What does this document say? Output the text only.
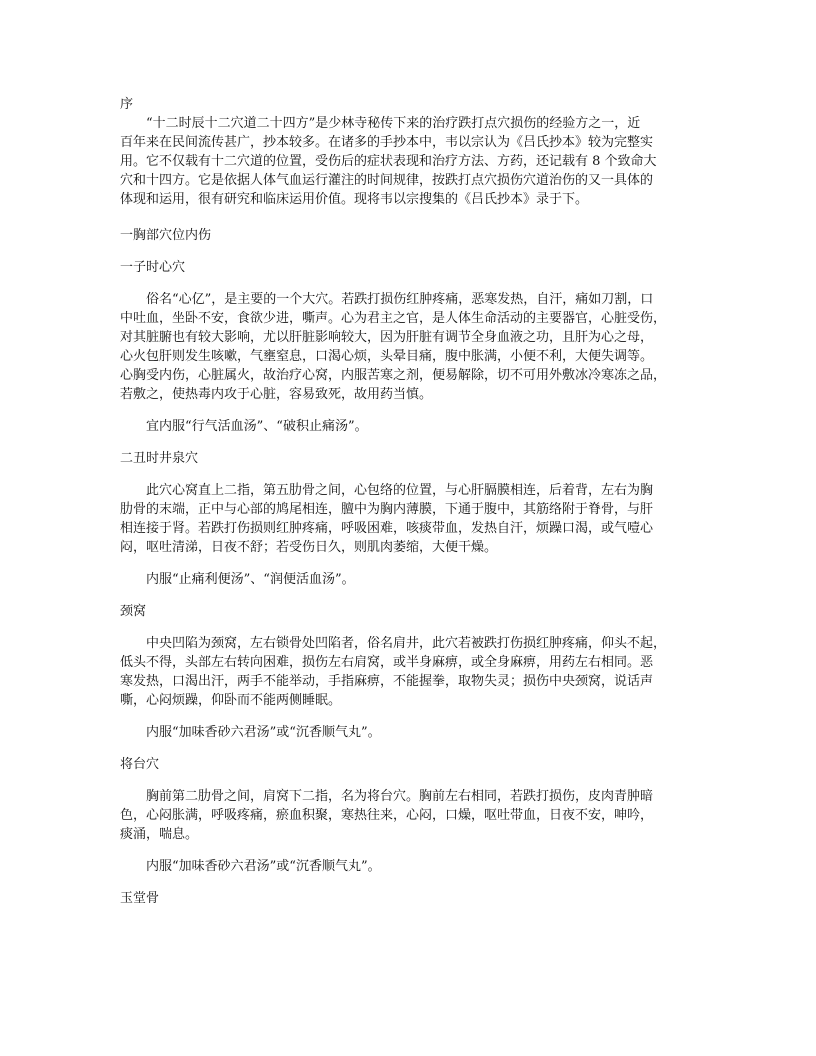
序
“十二时辰十二穴道二十四方”是少林寺秘传下来的治疗跌打点穴损伤的经验方之一，近
百年来在民间流传甚广，抄本较多。在诸多的手抄本中，韦以宗认为《吕氏抄本》较为完整实
用。它不仅载有十二穴道的位置，受伤后的症状表现和治疗方法、方药，还记载有 8 个致命大
穴和十四方。它是依据人体气血运行灌注的时间规律，按跌打点穴损伤穴道治伤的又一具体的
体现和运用，很有研究和临床运用价值。现将韦以宗搜集的《吕氏抄本》录于下。
一胸部穴位内伤
一子时心穴
俗名“心亿”，是主要的一个大穴。若跌打损伤红肿疼痛，恶寒发热，自汗，痛如刀割，口
中吐血，坐卧不安，食欲少进，嘶声。心为君主之官，是人体生命活动的主要器官，心脏受伤，
对其脏腑也有较大影响，尤以肝脏影响较大，因为肝脏有调节全身血液之功，且肝为心之母，
心火包肝则发生咳嗽，气壅窒息，口渴心烦，头晕目痛，腹中胀满，小便不利，大便失调等。
心胸受内伤，心脏属火，故治疗心窝，内服苦寒之剂，便易解除，切不可用外敷冰冷寒冻之品，
若敷之，使热毒内攻于心脏，容易致死，故用药当慎。
宜内服“行气活血汤”、“破积止痛汤”。
二丑时井泉穴
此穴心窝直上二指，第五肋骨之间，心包络的位置，与心肝膈膜相连，后着背，左右为胸
肋骨的末端，正中与心部的鸠尾相连，膻中为胸内薄膜，下通于腹中，其筋络附于脊骨，与肝
相连接于肾。若跌打伤损则红肿疼痛，呼吸困难，咳痰带血，发热自汗，烦躁口渴，或气噎心
闷，呕吐清涕，日夜不舒；若受伤日久，则肌肉萎缩，大便干燥。
内服“止痛利便汤”、“润便活血汤”。
颈窝
中央凹陷为颈窝，左右锁骨处凹陷者，俗名肩井，此穴若被跌打伤损红肿疼痛，仰头不起，
低头不得，头部左右转向困难，损伤左右肩窝，或半身麻痹，或全身麻痹，用药左右相同。恶
寒发热，口渴出汗，两手不能举动，手指麻痹，不能握拳，取物失灵；损伤中央颈窝，说话声
嘶，心闷烦躁，仰卧而不能两侧睡眠。
内服“加味香砂六君汤”或“沉香顺气丸”。
将台穴
胸前第二肋骨之间，肩窝下二指，名为将台穴。胸前左右相同，若跌打损伤，皮肉青肿暗
色，心闷胀满，呼吸疼痛，瘀血积聚，寒热往来，心闷，口燥，呕吐带血，日夜不安，呻吟，
痰涌，喘息。
内服“加味香砂六君汤”或“沉香顺气丸”。
玉堂骨
